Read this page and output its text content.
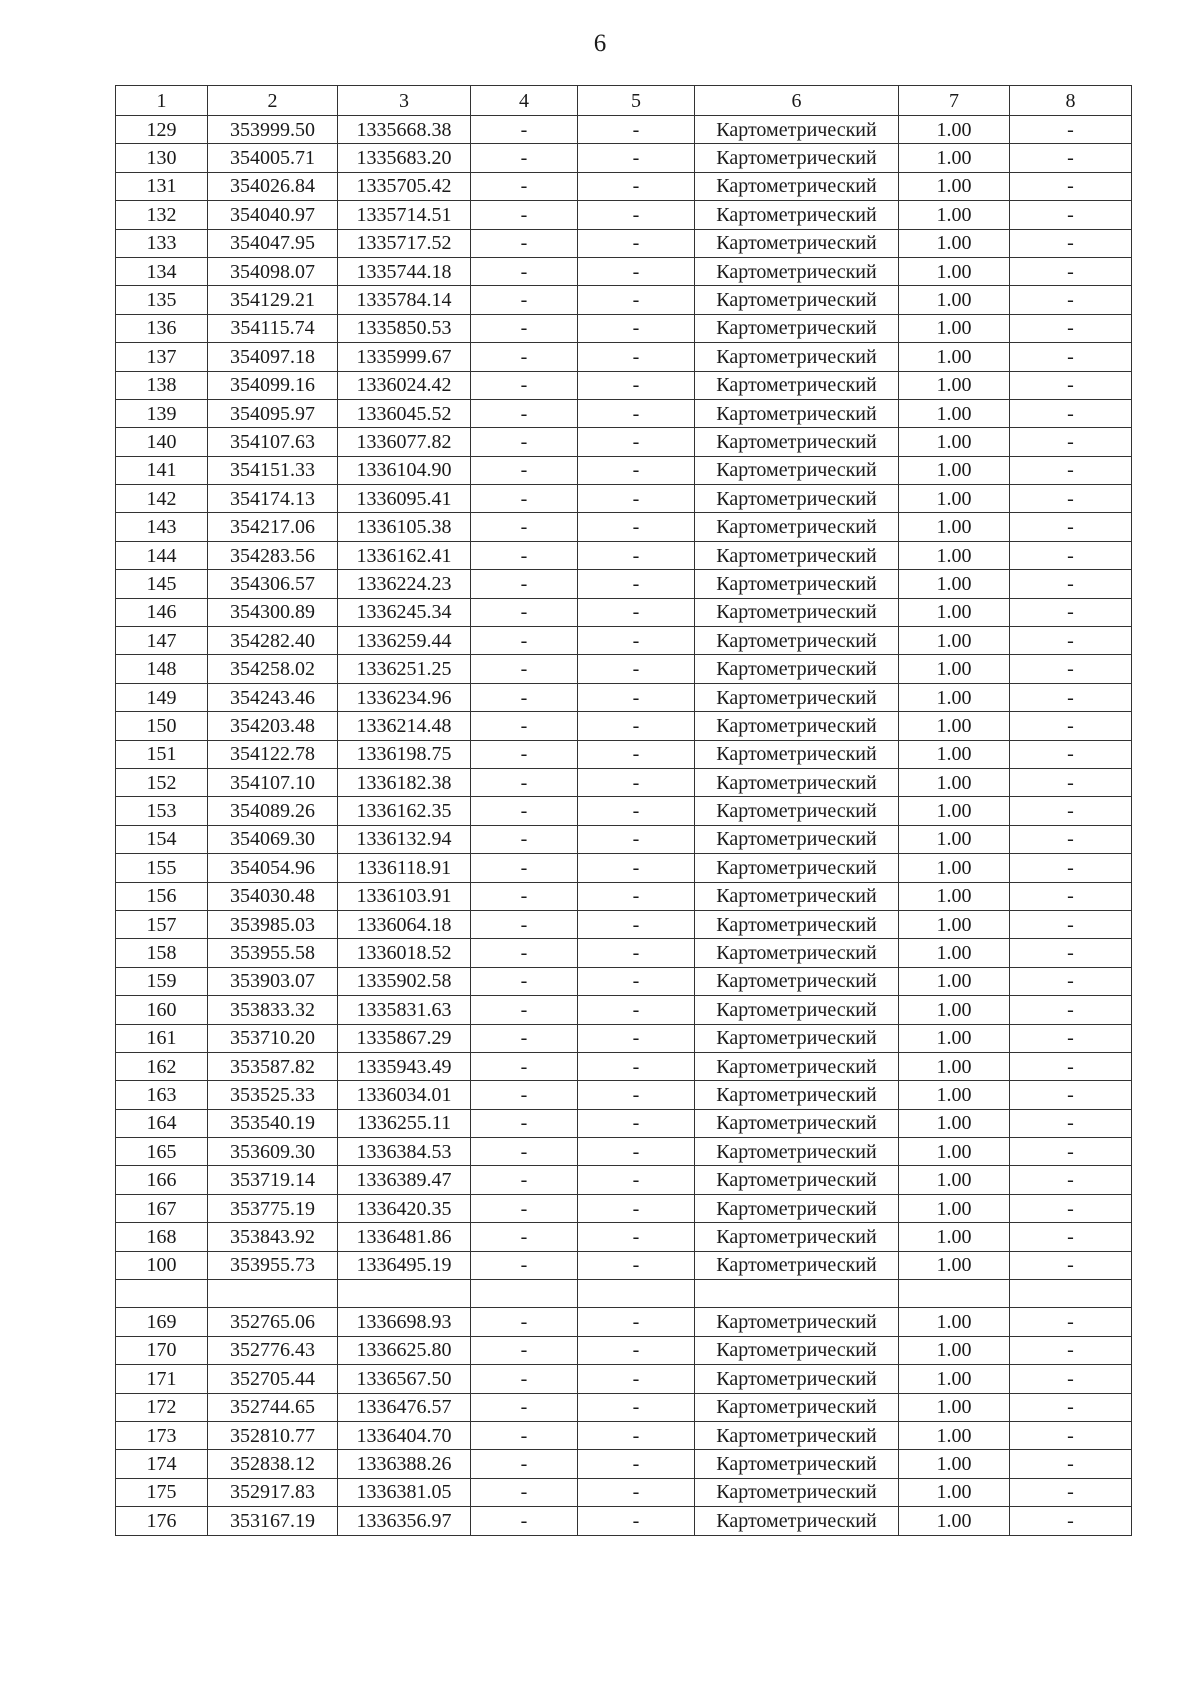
6
1	2	3	4	5	6	7	8
129	353999.50	1335668.38	-	-	Картометрический	1.00	-
130	354005.71	1335683.20	-	-	Картометрический	1.00	-
131	354026.84	1335705.42	-	-	Картометрический	1.00	-
132	354040.97	1335714.51	-	-	Картометрический	1.00	-
133	354047.95	1335717.52	-	-	Картометрический	1.00	-
134	354098.07	1335744.18	-	-	Картометрический	1.00	-
135	354129.21	1335784.14	-	-	Картометрический	1.00	-
136	354115.74	1335850.53	-	-	Картометрический	1.00	-
137	354097.18	1335999.67	-	-	Картометрический	1.00	-
138	354099.16	1336024.42	-	-	Картометрический	1.00	-
139	354095.97	1336045.52	-	-	Картометрический	1.00	-
140	354107.63	1336077.82	-	-	Картометрический	1.00	-
141	354151.33	1336104.90	-	-	Картометрический	1.00	-
142	354174.13	1336095.41	-	-	Картометрический	1.00	-
143	354217.06	1336105.38	-	-	Картометрический	1.00	-
144	354283.56	1336162.41	-	-	Картометрический	1.00	-
145	354306.57	1336224.23	-	-	Картометрический	1.00	-
146	354300.89	1336245.34	-	-	Картометрический	1.00	-
147	354282.40	1336259.44	-	-	Картометрический	1.00	-
148	354258.02	1336251.25	-	-	Картометрический	1.00	-
149	354243.46	1336234.96	-	-	Картометрический	1.00	-
150	354203.48	1336214.48	-	-	Картометрический	1.00	-
151	354122.78	1336198.75	-	-	Картометрический	1.00	-
152	354107.10	1336182.38	-	-	Картометрический	1.00	-
153	354089.26	1336162.35	-	-	Картометрический	1.00	-
154	354069.30	1336132.94	-	-	Картометрический	1.00	-
155	354054.96	1336118.91	-	-	Картометрический	1.00	-
156	354030.48	1336103.91	-	-	Картометрический	1.00	-
157	353985.03	1336064.18	-	-	Картометрический	1.00	-
158	353955.58	1336018.52	-	-	Картометрический	1.00	-
159	353903.07	1335902.58	-	-	Картометрический	1.00	-
160	353833.32	1335831.63	-	-	Картометрический	1.00	-
161	353710.20	1335867.29	-	-	Картометрический	1.00	-
162	353587.82	1335943.49	-	-	Картометрический	1.00	-
163	353525.33	1336034.01	-	-	Картометрический	1.00	-
164	353540.19	1336255.11	-	-	Картометрический	1.00	-
165	353609.30	1336384.53	-	-	Картометрический	1.00	-
166	353719.14	1336389.47	-	-	Картометрический	1.00	-
167	353775.19	1336420.35	-	-	Картометрический	1.00	-
168	353843.92	1336481.86	-	-	Картометрический	1.00	-
100	353955.73	1336495.19	-	-	Картометрический	1.00	-

169	352765.06	1336698.93	-	-	Картометрический	1.00	-
170	352776.43	1336625.80	-	-	Картометрический	1.00	-
171	352705.44	1336567.50	-	-	Картометрический	1.00	-
172	352744.65	1336476.57	-	-	Картометрический	1.00	-
173	352810.77	1336404.70	-	-	Картометрический	1.00	-
174	352838.12	1336388.26	-	-	Картометрический	1.00	-
175	352917.83	1336381.05	-	-	Картометрический	1.00	-
176	353167.19	1336356.97	-	-	Картометрический	1.00	-
